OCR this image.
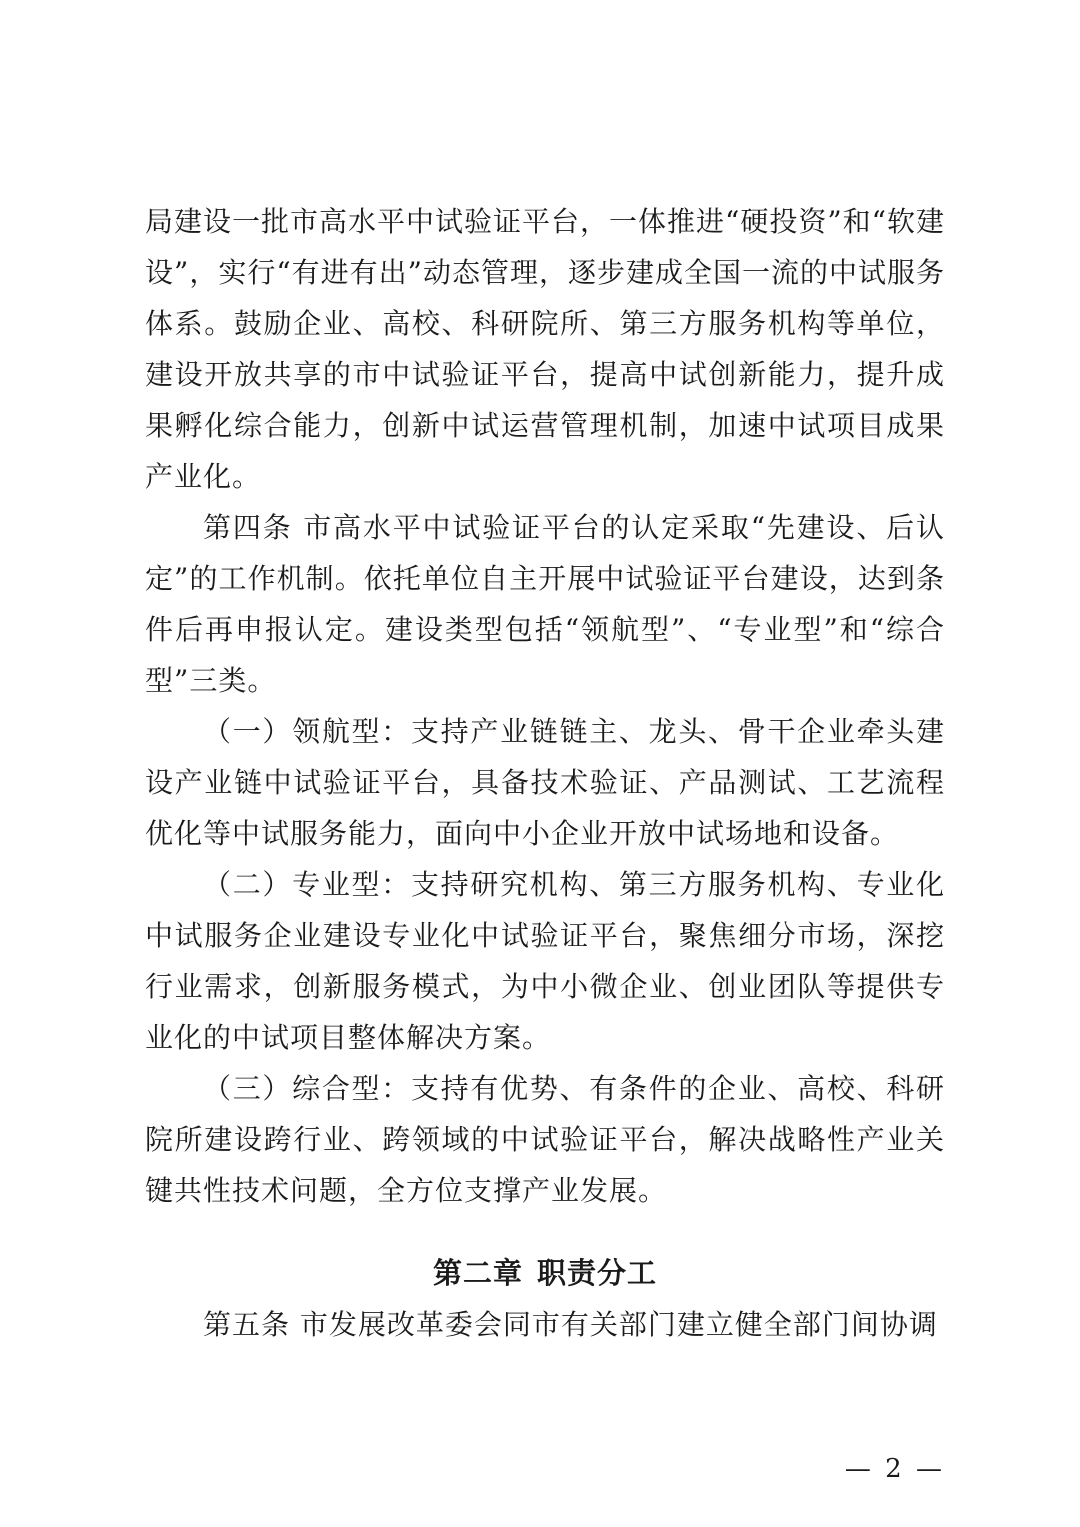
局建设一批市高水平中试验证平台，一体推进“硬投资”和“软建设”，实行“有进有出”动态管理，逐步建成全国一流的中试服务体系。鼓励企业、高校、科研院所、第三方服务机构等单位，建设开放共享的市中试验证平台，提高中试创新能力，提升成果孵化综合能力，创新中试运营管理机制，加速中试项目成果产业化。

第四条 市高水平中试验证平台的认定采取“先建设、后认定”的工作机制。依托单位自主开展中试验证平台建设，达到条件后再申报认定。建设类型包括“领航型”、“专业型”和“综合型”三类。

（一）领航型：支持产业链链主、龙头、骨干企业牵头建设产业链中试验证平台，具备技术验证、产品测试、工艺流程优化等中试服务能力，面向中小企业开放中试场地和设备。

（二）专业型：支持研究机构、第三方服务机构、专业化中试服务企业建设专业化中试验证平台，聚焦细分市场，深挖行业需求，创新服务模式，为中小微企业、创业团队等提供专业化的中试项目整体解决方案。

（三）综合型：支持有优势、有条件的企业、高校、科研院所建设跨行业、跨领域的中试验证平台，解决战略性产业关键共性技术问题，全方位支撑产业发展。

第二章 职责分工

第五条 市发展改革委会同市有关部门建立健全部门间协调

— 2 —
